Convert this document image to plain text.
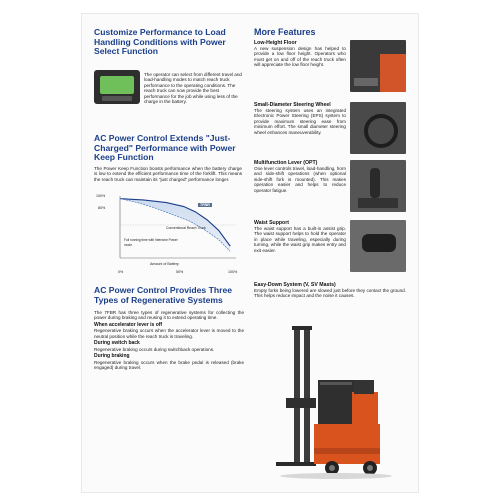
Customize Performance to Load Handling Conditions with Power Select Function

The operator can select from different travel and load-handling modes to match reach truck performance to the operating conditions. The reach truck can now provide the best performance for the job while using less of the charge in the battery.

AC Power Control Extends "Just- Charged" Performance with Power Keep Function

The Power Keep Function boosts performance when the battery charge is low to extend the efficient performance time of the forklift. This means the reach truck can maintain its "just charged" performance longer.

100%
80%
0%	50%	100%
Amount of Battery
7FBR
Conventional Reach Truck
Full running time with Intensive Power mode

AC Power Control Provides Three Types of Regenerative Systems

The 7FBR has three types of regenerative systems for collecting the power during braking and reusing it to extend operating time.

When accelerator lever is off

Regenerative braking occurs when the accelerator lever is moved to the neutral position while the reach truck is traveling.

During switch back

Regenerative braking occurs during switchback operations.

During braking

Regenerative braking occurs when the brake pedal is released (brake engaged) during travel.

More Features

Low-Height Floor

A new suspension design has helped to provide a low floor height. Operators who must get on and off of the reach truck often will appreciate the low floor height.

Small-Diameter Steering Wheel

The steering system uses an integrated Electronic Power Steering (EPS) system to provide maximum steering ease from minimum effort. The small diameter steering wheel enhances maneuverability.

Multifunction Lever (OPT)

One lever controls travel, load-handling, horn and side-shift operations (when optional side-shift fork is mounted). This makes operation easier and helps to reduce operator fatigue.

Waist Support

The waist support has a built-in assist grip. The waist support helps to hold the operator in place while traveling, especially during turning, while the waist grip makes entry and exit easier.

Easy-Down System (V, SV Masts)

Empty forks being lowered are slowed just before they contact the ground. This helps reduce impact and the noise it causes.
